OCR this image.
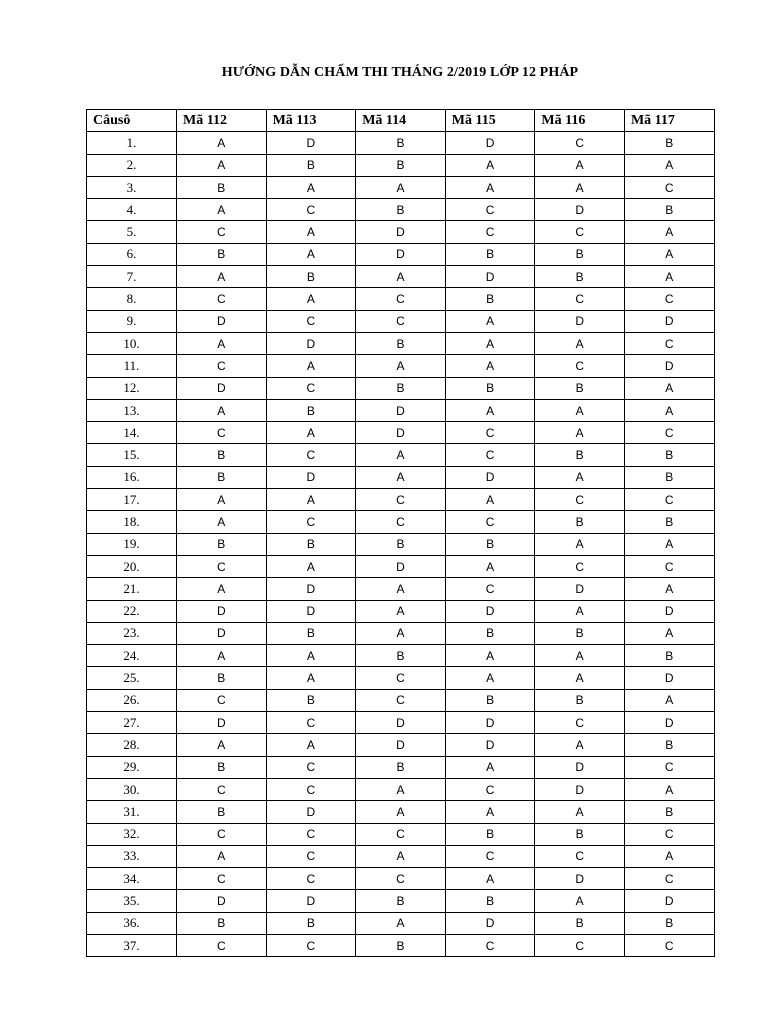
HƯỚNG DẪN CHẤM THI THÁNG 2/2019 LỚP 12 PHÁP
Câusô	Mã 112	Mã 113	Mã 114	Mã 115	Mã 116	Mã 117
1.	A	D	B	D	C	B
2.	A	B	B	A	A	A
3.	B	A	A	A	A	C
4.	A	C	B	C	D	B
5.	C	A	D	C	C	A
6.	B	A	D	B	B	A
7.	A	B	A	D	B	A
8.	C	A	C	B	C	C
9.	D	C	C	A	D	D
10.	A	D	B	A	A	C
11.	C	A	A	A	C	D
12.	D	C	B	B	B	A
13.	A	B	D	A	A	A
14.	C	A	D	C	A	C
15.	B	C	A	C	B	B
16.	B	D	A	D	A	B
17.	A	A	C	A	C	C
18.	A	C	C	C	B	B
19.	B	B	B	B	A	A
20.	C	A	D	A	C	C
21.	A	D	A	C	D	A
22.	D	D	A	D	A	D
23.	D	B	A	B	B	A
24.	A	A	B	A	A	B
25.	B	A	C	A	A	D
26.	C	B	C	B	B	A
27.	D	C	D	D	C	D
28.	A	A	D	D	A	B
29.	B	C	B	A	D	C
30.	C	C	A	C	D	A
31.	B	D	A	A	A	B
32.	C	C	C	B	B	C
33.	A	C	A	C	C	A
34.	C	C	C	A	D	C
35.	D	D	B	B	A	D
36.	B	B	A	D	B	B
37.	C	C	B	C	C	C
